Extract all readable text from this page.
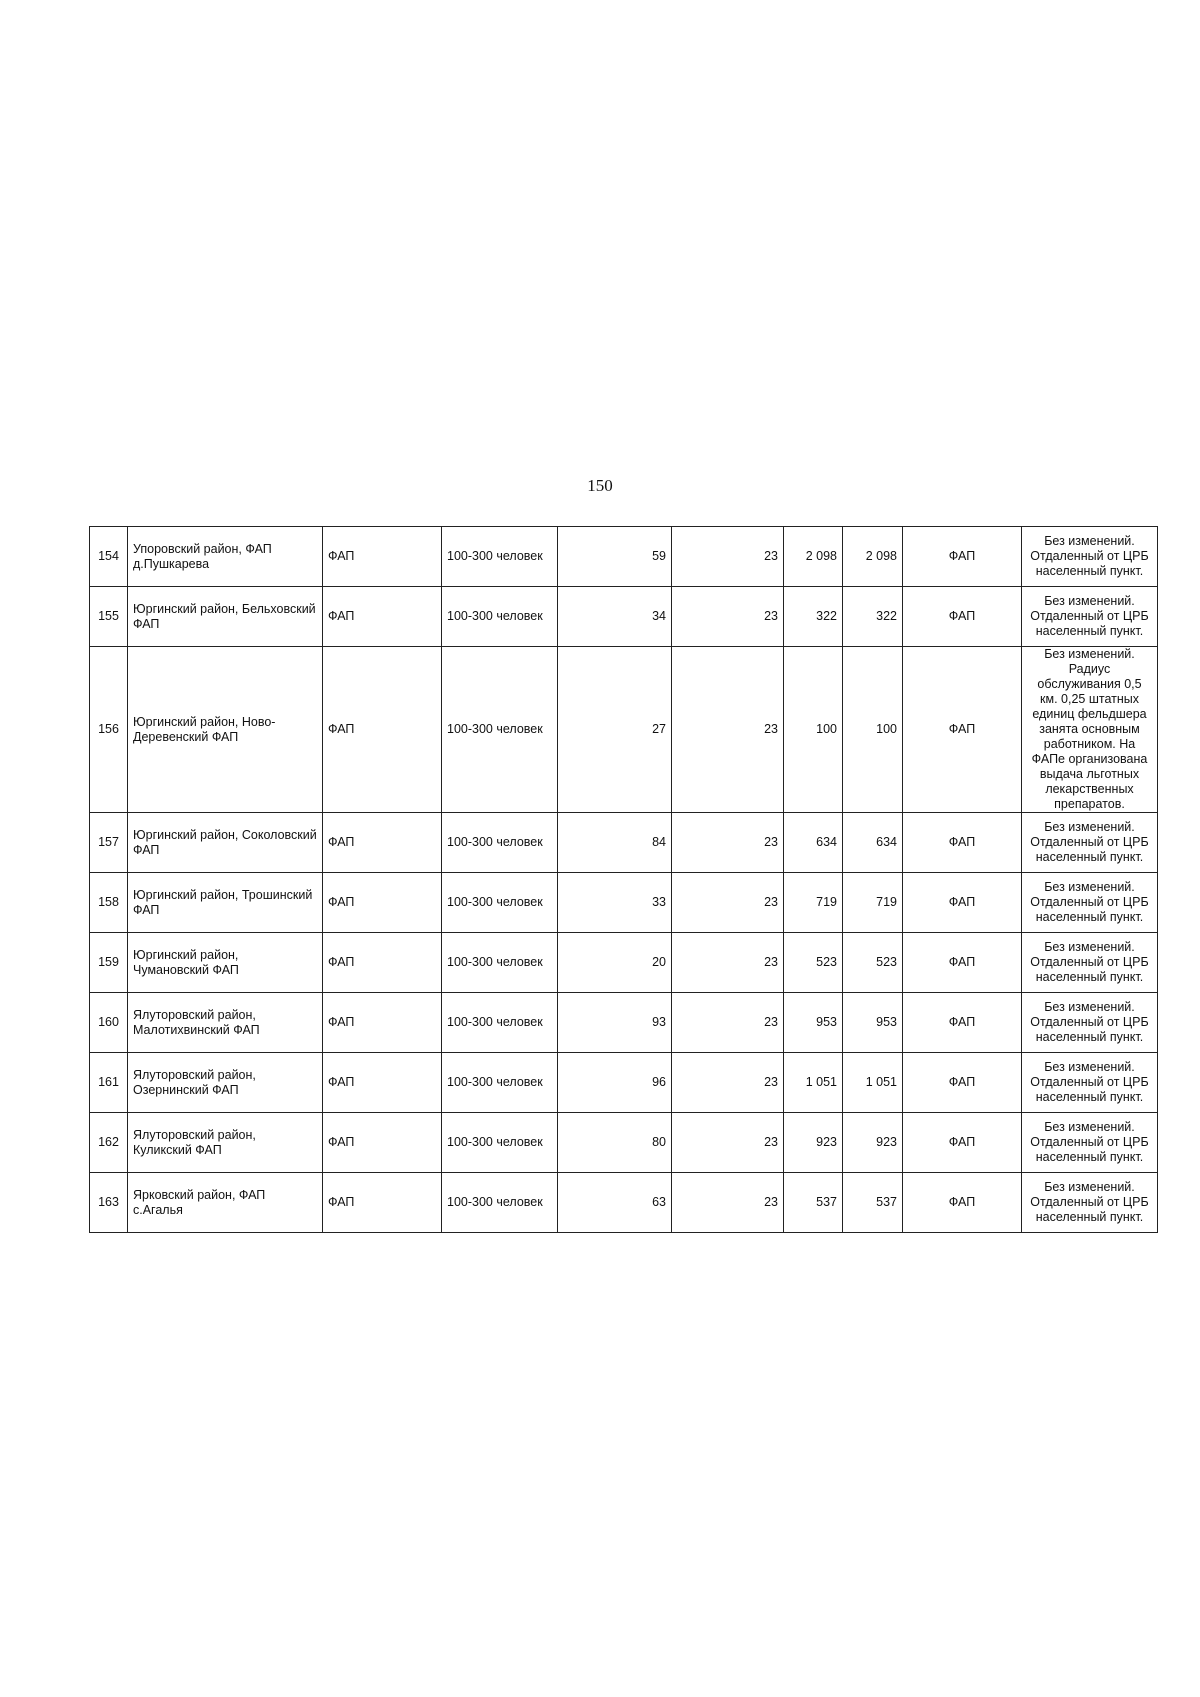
150
154	Упоровский район, ФАП д.Пушкарева	ФАП	100-300 человек	59	23	2 098	2 098	ФАП	Без изменений. Отдаленный от ЦРБ населенный пункт.
155	Юргинский район, Бельховский ФАП	ФАП	100-300 человек	34	23	322	322	ФАП	Без изменений. Отдаленный от ЦРБ населенный пункт.
156	Юргинский район, Ново-Деревенский ФАП	ФАП	100-300 человек	27	23	100	100	ФАП	Без изменений. Радиус обслуживания 0,5 км. 0,25 штатных единиц фельдшера занята основным работником. На ФАПе организована выдача льготных лекарственных препаратов.
157	Юргинский район, Соколовский ФАП	ФАП	100-300 человек	84	23	634	634	ФАП	Без изменений. Отдаленный от ЦРБ населенный пункт.
158	Юргинский район, Трошинский ФАП	ФАП	100-300 человек	33	23	719	719	ФАП	Без изменений. Отдаленный от ЦРБ населенный пункт.
159	Юргинский район, Чумановский ФАП	ФАП	100-300 человек	20	23	523	523	ФАП	Без изменений. Отдаленный от ЦРБ населенный пункт.
160	Ялуторовский район, Малотихвинский ФАП	ФАП	100-300 человек	93	23	953	953	ФАП	Без изменений. Отдаленный от ЦРБ населенный пункт.
161	Ялуторовский район, Озернинский ФАП	ФАП	100-300 человек	96	23	1 051	1 051	ФАП	Без изменений. Отдаленный от ЦРБ населенный пункт.
162	Ялуторовский район, Куликский ФАП	ФАП	100-300 человек	80	23	923	923	ФАП	Без изменений. Отдаленный от ЦРБ населенный пункт.
163	Ярковский район, ФАП с.Агалья	ФАП	100-300 человек	63	23	537	537	ФАП	Без изменений. Отдаленный от ЦРБ населенный пункт.
